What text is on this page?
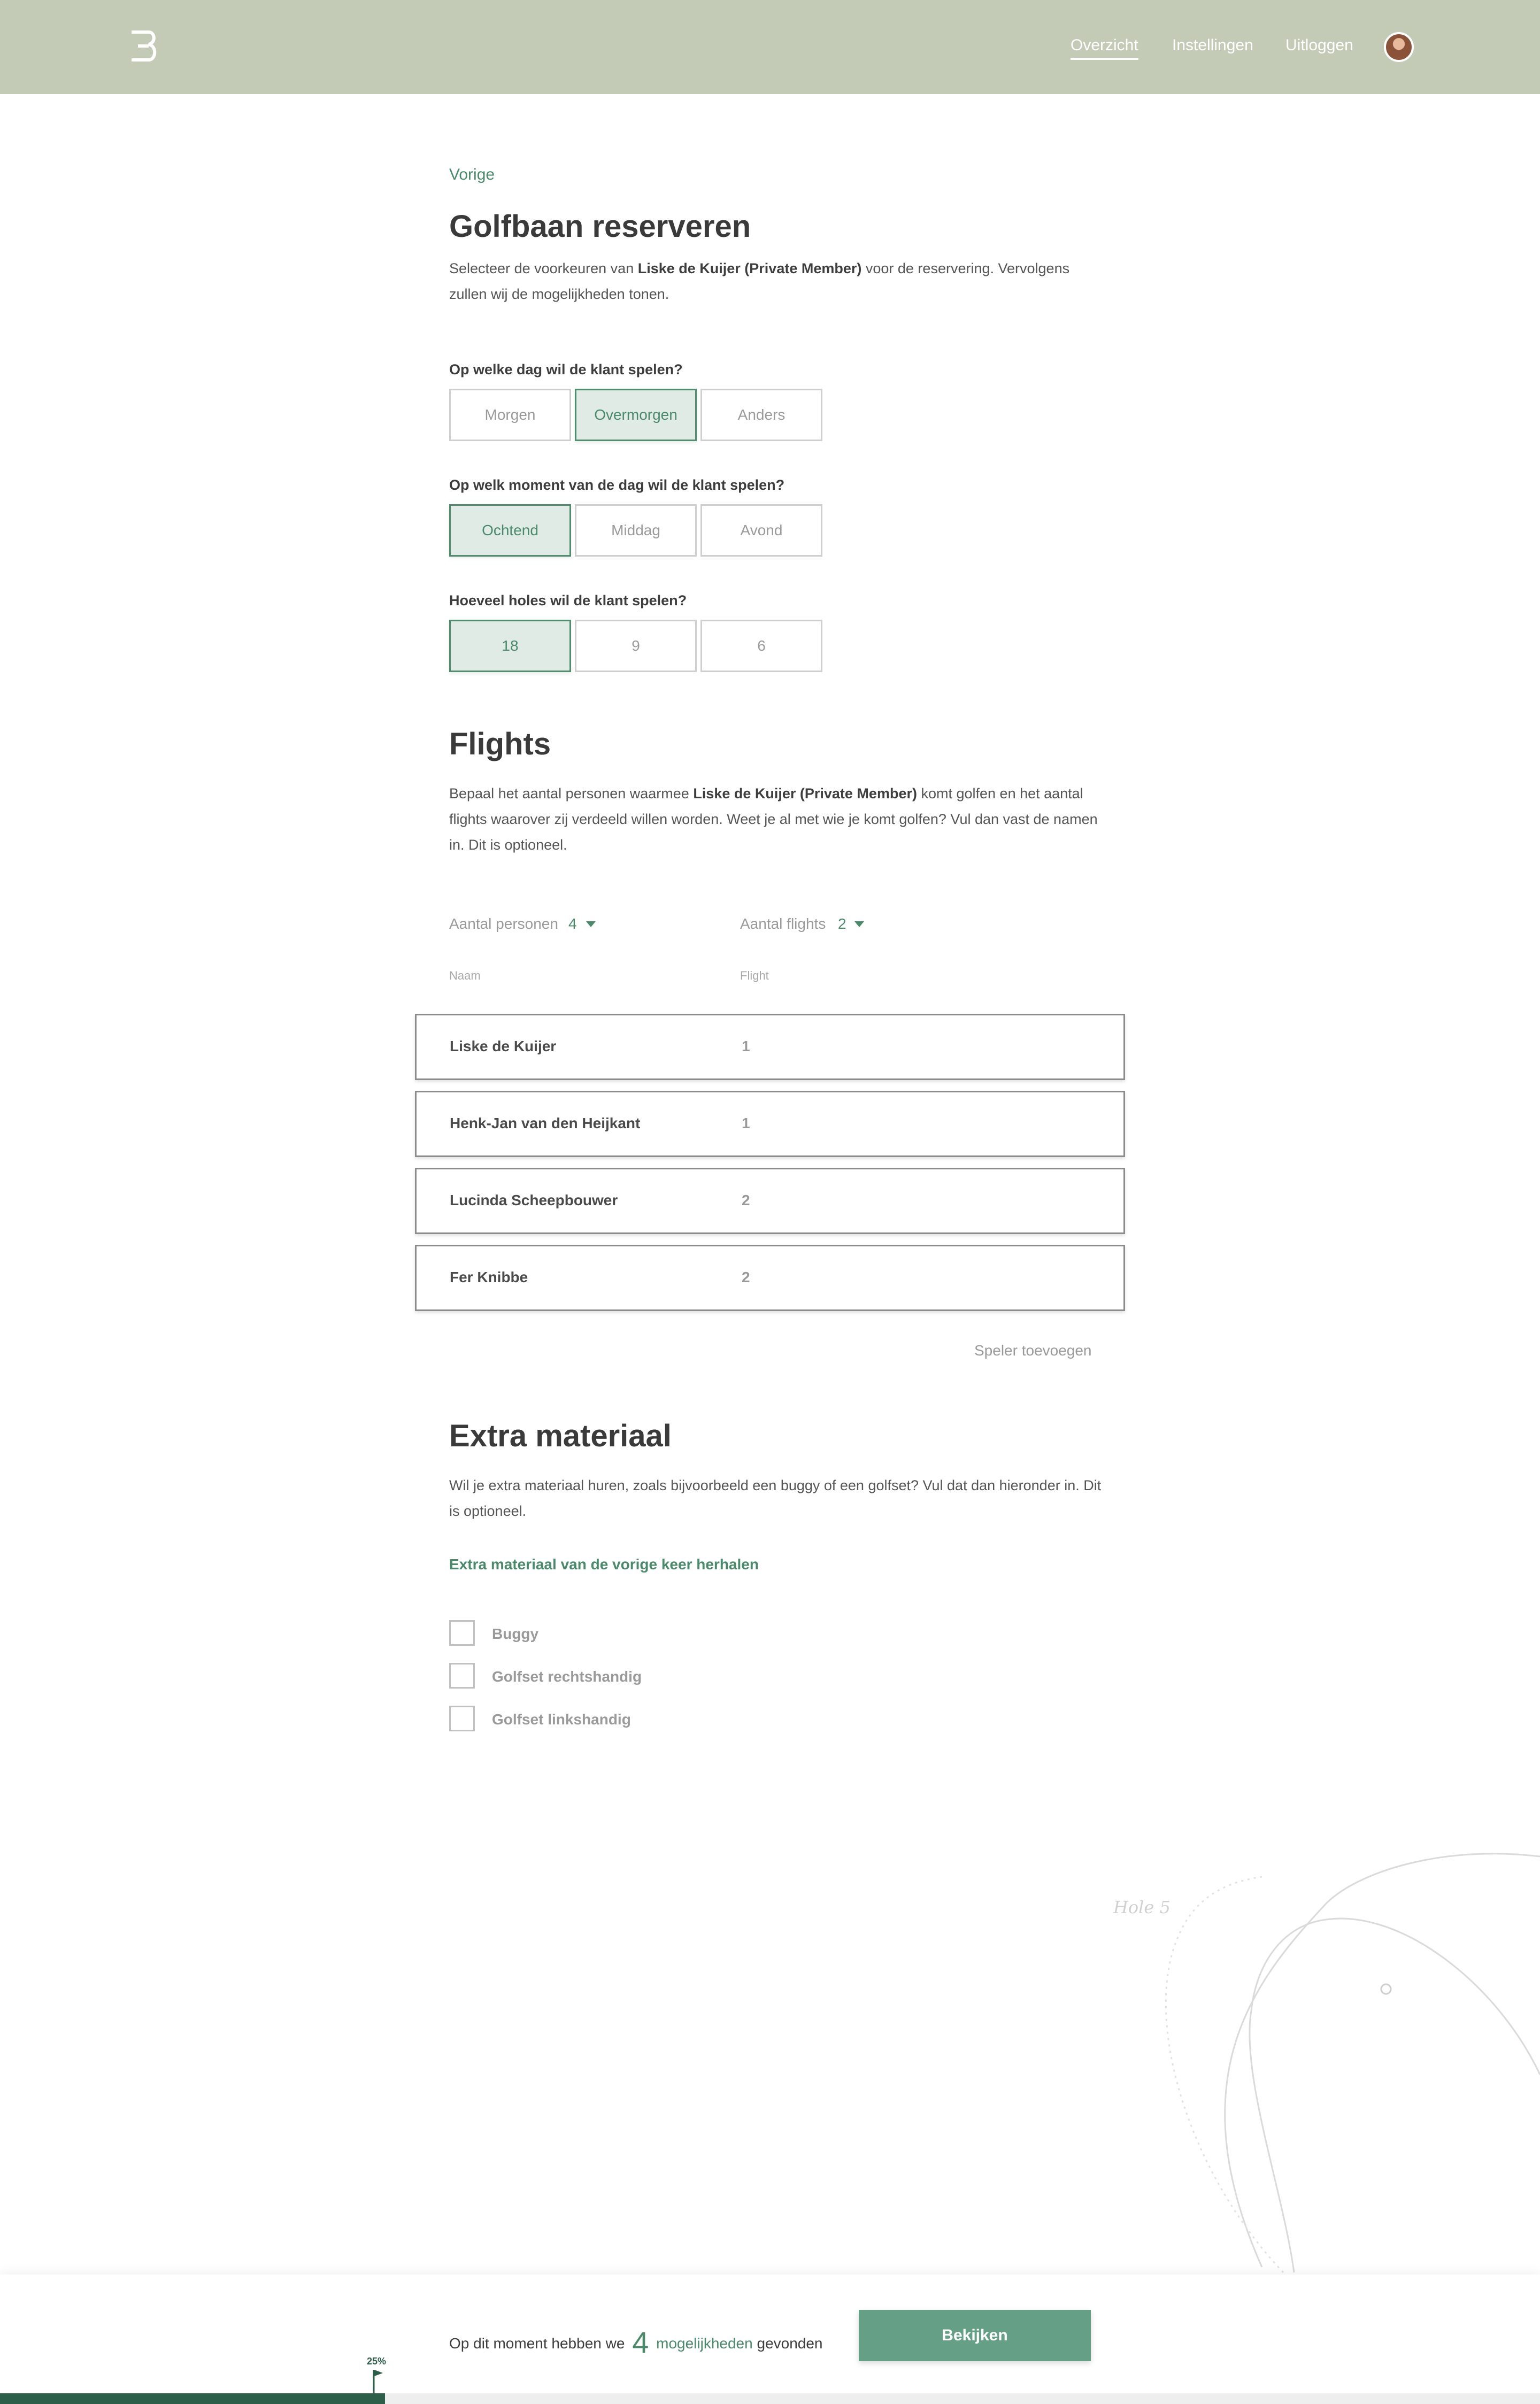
Overzicht Instellingen Uitloggen
Vorige
Golfbaan reserveren

Selecteer de voorkeuren van Liske de Kuijer (Private Member) voor de reservering. Vervolgens zullen wij de mogelijkheden tonen.

Op welke dag wil de klant spelen?
Morgen	Overmorgen	Anders
Op welk moment van de dag wil de klant spelen?
Ochtend	Middag	Avond
Hoeveel holes wil de klant spelen?
18	9	6
Flights

Bepaal het aantal personen waarmee Liske de Kuijer (Private Member) komt golfen en het aantal flights waarover zij verdeeld willen worden. Weet je al met wie je komt golfen? Vul dan vast de namen in. Dit is optioneel.

Aantal personen 4	Aantal flights 2
Naam	Flight
Liske de Kuijer	1
Henk-Jan van den Heijkant	1
Lucinda Scheepbouwer	2
Fer Knibbe	2
Speler toevoegen
Extra materiaal

Wil je extra materiaal huren, zoals bijvoorbeeld een buggy of een golfset? Vul dat dan hieronder in. Dit is optioneel.

Extra materiaal van de vorige keer herhalen
Buggy
Golfset rechtshandig
Golfset linkshandig
Hole 5
Op dit moment hebben we 4 mogelijkheden gevonden	Bekijken
25%
